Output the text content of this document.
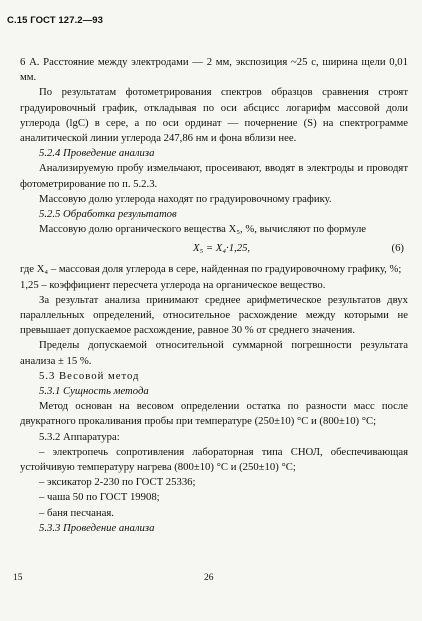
С.15 ГОСТ 127.2—93

6 А. Расстояние между электродами — 2 мм, экспозиция ~25 с, ширина щели 0,01 мм.

По результатам фотометрирования спектров образцов сравнения строят градуировочный график, откладывая по оси абсцисс логарифм массовой доли углерода (lgC) в сере, а по оси ординат — почернение (S) на спектрограмме аналитической линии углерода 247,86 нм и фона вблизи нее.

5.2.4 Проведение анализа

Анализируемую пробу измельчают, просеивают, вводят в электроды и проводят фотометрирование по п. 5.2.3.

Массовую долю углерода находят по градуировочному графику.

5.2.5 Обработка результатов

Массовую долю органического вещества X₅, %, вычисляют по формуле

X₅ = X₄·1,25,	(6)

где X₄ – массовая доля углерода в сере, найденная по градуировочному графику, %;

1,25 – коэффициент пересчета углерода на органическое вещество.

За результат анализа принимают среднее арифметическое результатов двух параллельных определений, относительное расхождение между которыми не превышает допускаемое расхождение, равное 30 % от среднего значения.

Пределы допускаемой относительной суммарной погрешности результата анализа ± 15 %.

5.3 Весовой метод

5.3.1 Сущность метода

Метод основан на весовом определении остатка по разности масс после двукратного прокаливания пробы при температуре (250±10) °С и (800±10) °С;

5.3.2 Аппаратура:

– электропечь сопротивления лабораторная типа СНОЛ, обеспечивающая устойчивую температуру нагрева (800±10) °С и (250±10) °С;

– эксикатор 2-230 по ГОСТ 25336;

– чаша 50 по ГОСТ 19908;

– баня песчаная.

5.3.3 Проведение анализа

15	26
